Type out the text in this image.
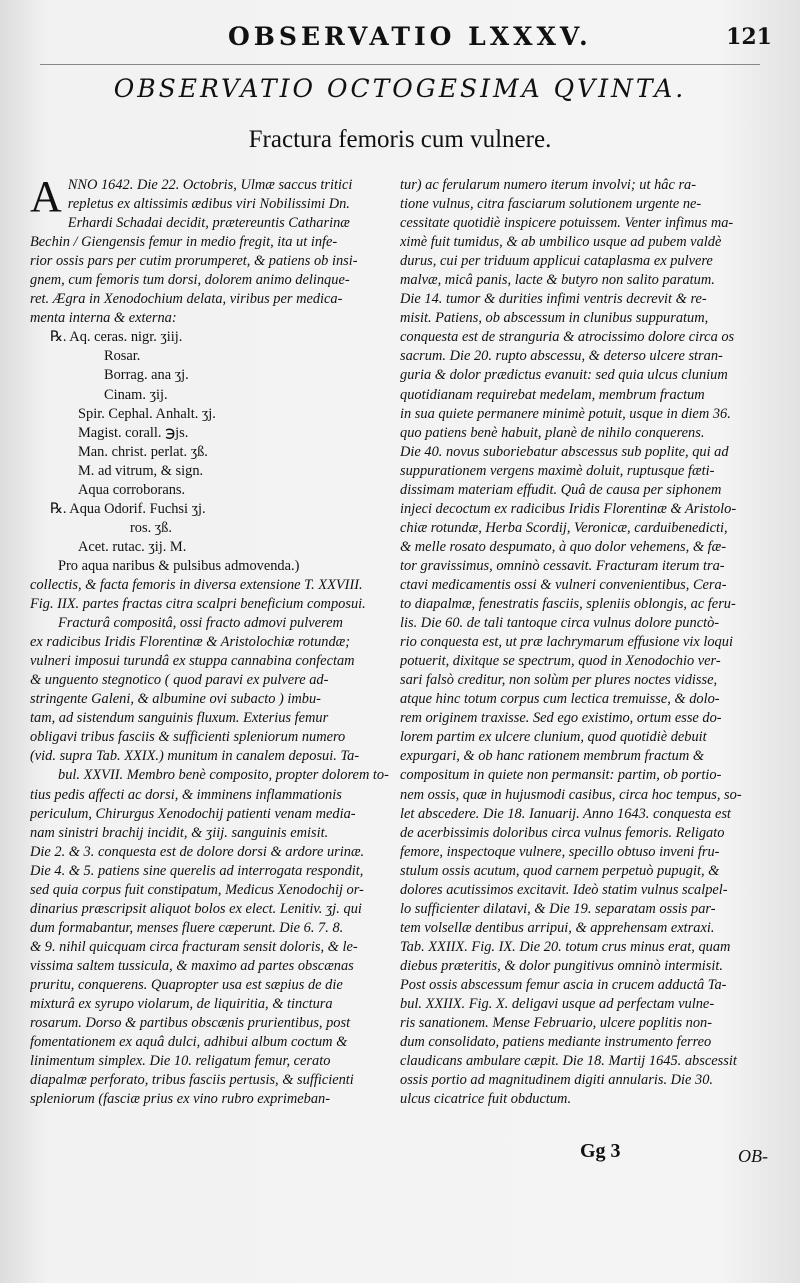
OBSERVATIO LXXXV.	121
OBSERVATIO OCTOGESIMA QVINTA.
Fractura femoris cum vulnere.
A NNO 1642. Die 22. Octobris, Ulmæ saccus tritici
repletus ex altissimis ædibus viri Nobilissimi Dn.
Erhardi Schadai decidit, prætereuntis Catharinæ
Bechin / Giengensis femur in medio fregit, ita ut infe-
rior ossis pars per cutim prorumperet, & patiens ob insi-
gnem, cum femoris tum dorsi, dolorem animo delinque-
ret. Ægra in Xenodochium delata, viribus per medica-
menta interna & externa:
℞. Aq. ceras. nigr. ʒiij.
Rosar.
Borrag. ana ʒj.
Cinam. ʒij.
Spir. Cephal. Anhalt. ʒj.
Magist. corall. ℈js.
Man. christ. perlat. ʒß.
M. ad vitrum, & sign.
Aqua corroborans.
℞. Aqua Odorif. Fuchsi ʒj.
ros. ʒß.
Acet. rutac. ʒij. M.
Pro aqua naribus & pulsibus admovenda.)
collectis, & facta femoris in diversa extensione T. XXVIII.
Fig. IIX. partes fractas citra scalpri beneficium composui.
Fracturâ compositâ, ossi fracto admovi pulverem
ex radicibus Iridis Florentinæ & Aristolochiæ rotundæ;
vulneri imposui turundâ ex stuppa cannabina confectam
& unguento stegnotico ( quod paravi ex pulvere ad-
stringente Galeni, & albumine ovi subacto ) imbu-
tam, ad sistendum sanguinis fluxum. Exterius femur
obligavi tribus fasciis & sufficienti spleniorum numero
(vid. supra Tab. XXIX.) munitum in canalem deposui. Ta-
bul. XXVII. Membro benè composito, propter dolorem to-
tius pedis affecti ac dorsi, & imminens inflammationis
periculum, Chirurgus Xenodochij patienti venam media-
nam sinistri brachij incidit, & ʒiij. sanguinis emisit.
Die 2. & 3. conquesta est de dolore dorsi & ardore urinæ.
Die 4. & 5. patiens sine querelis ad interrogata respondit,
sed quia corpus fuit constipatum, Medicus Xenodochij or-
dinarius præscripsit aliquot bolos ex elect. Lenitiv. ʒj. qui
dum formabantur, menses fluere cæperunt. Die 6. 7. 8.
& 9. nihil quicquam circa fracturam sensit doloris, & le-
vissima saltem tussicula, & maximo ad partes obscænas
pruritu, conquerens. Quapropter usa est sæpius de die
mixturâ ex syrupo violarum, de liquiritia, & tinctura
rosarum. Dorso & partibus obscænis prurientibus, post
fomentationem ex aquâ dulci, adhibui album coctum &
linimentum simplex. Die 10. religatum femur, cerato
diapalmæ perforato, tribus fasciis pertusis, & sufficienti
spleniorum (fasciæ prius ex vino rubro exprimeban-
tur) ac ferularum numero iterum involvi; ut hâc ra-
tione vulnus, citra fasciarum solutionem urgente ne-
cessitate quotidiè inspicere potuissem. Venter infimus ma-
ximè fuit tumidus, & ab umbilico usque ad pubem valdè
durus, cui per triduum applicui cataplasma ex pulvere
malvæ, micâ panis, lacte & butyro non salito paratum.
Die 14. tumor & durities infimi ventris decrevit & re-
misit. Patiens, ob abscessum in clunibus suppuratum,
conquesta est de stranguria & atrocissimo dolore circa os
sacrum. Die 20. rupto abscessu, & deterso ulcere stran-
guria & dolor prædictus evanuit: sed quia ulcus clunium
quotidianam requirebat medelam, membrum fractum
in sua quiete permanere minimè potuit, usque in diem 36.
quo patiens benè habuit, planè de nihilo conquerens.
Die 40. novus suboriebatur abscessus sub poplite, qui ad
suppurationem vergens maximè doluit, ruptusque fæti-
dissimam materiam effudit. Quâ de causa per siphonem
injeci decoctum ex radicibus Iridis Florentinæ & Aristolo-
chiæ rotundæ, Herba Scordij, Veronicæ, carduibenedicti,
& melle rosato despumato, à quo dolor vehemens, & fæ-
tor gravissimus, omninò cessavit. Fracturam iterum tra-
ctavi medicamentis ossi & vulneri convenientibus, Cera-
to diapalmæ, fenestratis fasciis, spleniis oblongis, ac feru-
lis. Die 60. de tali tantoque circa vulnus dolore punctò-
rio conquesta est, ut præ lachrymarum effusione vix loqui
potuerit, dixitque se spectrum, quod in Xenodochio ver-
sari falsò creditur, non solùm per plures noctes vidisse,
atque hinc totum corpus cum lectica tremuisse, & dolo-
rem originem traxisse. Sed ego existimo, ortum esse do-
lorem partim ex ulcere clunium, quod quotidiè debuit
expurgari, & ob hanc rationem membrum fractum &
compositum in quiete non permansit: partim, ob portio-
nem ossis, quæ in hujusmodi casibus, circa hoc tempus, so-
let abscedere. Die 18. Ianuarij. Anno 1643. conquesta est
de acerbissimis doloribus circa vulnus femoris. Religato
femore, inspectoque vulnere, specillo obtuso inveni fru-
stulum ossis acutum, quod carnem perpetuò pupugit, &
dolores acutissimos excitavit. Ideò statim vulnus scalpel-
lo sufficienter dilatavi, & Die 19. separatam ossis par-
tem volsellæ dentibus arripui, & apprehensam extraxi.
Tab. XXIIX. Fig. IX. Die 20. totum crus minus erat, quam
diebus præteritis, & dolor pungitivus omninò intermisit.
Post ossis abscessum femur ascia in crucem adductâ Ta-
bul. XXIIX. Fig. X. deligavi usque ad perfectam vulne-
ris sanationem. Mense Februario, ulcere poplitis non-
dum consolidato, patiens mediante instrumento ferreo
claudicans ambulare cæpit. Die 18. Martij 1645. abscessit
ossis portio ad magnitudinem digiti annularis. Die 30.
ulcus cicatrice fuit obductum.
Gg 3	OB-
